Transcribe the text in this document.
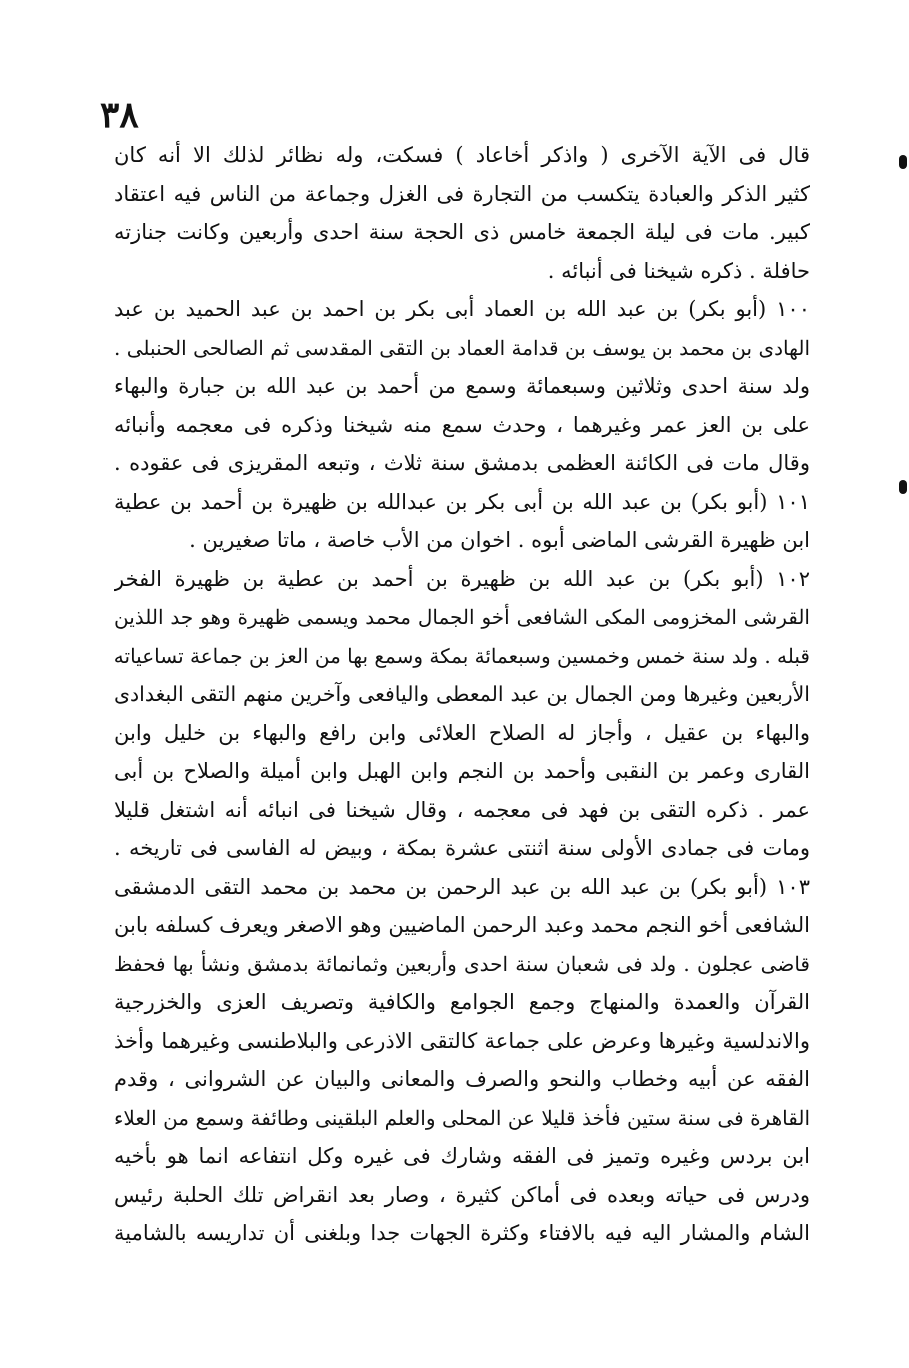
٣٨
قال فى الآية الآخرى ( واذكر أخاعاد ) فسكت، وله نظائر لذلك الا أنه كان
كثير الذكر والعبادة يتكسب من التجارة فى الغزل وجماعة من الناس فيه اعتقاد
كبير. مات فى ليلة الجمعة خامس ذى الحجة سنة احدى وأربعين وكانت جنازته
حافلة . ذكره شيخنا فى أنبائه .
١٠٠ (أبو بكر) بن عبد الله بن العماد أبى بكر بن احمد بن عبد الحميد بن عبد
الهادى بن محمد بن يوسف بن قدامة العماد بن التقى المقدسى ثم الصالحى الحنبلى .
ولد سنة احدى وثلاثين وسبعمائة وسمع من أحمد بن عبد الله بن جبارة والبهاء
على بن العز عمر وغيرهما ، وحدث سمع منه شيخنا وذكره فى معجمه وأنبائه
وقال مات فى الكائنة العظمى بدمشق سنة ثلاث ، وتبعه المقريزى فى عقوده .
١٠١ (أبو بكر) بن عبد الله بن أبى بكر بن عبدالله بن ظهيرة بن أحمد بن عطية
ابن ظهيرة القرشى الماضى أبوه . اخوان من الأب خاصة ، ماتا صغيرين .
١٠٢ (أبو بكر) بن عبد الله بن ظهيرة بن أحمد بن عطية بن ظهيرة الفخر
القرشى المخزومى المكى الشافعى أخو الجمال محمد ويسمى ظهيرة وهو جد اللذين
قبله . ولد سنة خمس وخمسين وسبعمائة بمكة وسمع بها من العز بن جماعة تساعياته
الأربعين وغيرها ومن الجمال بن عبد المعطى واليافعى وآخرين منهم التقى البغدادى
والبهاء بن عقيل ، وأجاز له الصلاح العلائى وابن رافع والبهاء بن خليل وابن
القارى وعمر بن النقبى وأحمد بن النجم وابن الهبل وابن أميلة والصلاح بن أبى
عمر . ذكره التقى بن فهد فى معجمه ، وقال شيخنا فى انبائه أنه اشتغل قليلا
ومات فى جمادى الأولى سنة اثنتى عشرة بمكة ، وبيض له الفاسى فى تاريخه .
١٠٣ (أبو بكر) بن عبد الله بن عبد الرحمن بن محمد بن محمد التقى الدمشقى
الشافعى أخو النجم محمد وعبد الرحمن الماضيين وهو الاصغر ويعرف كسلفه بابن
قاضى عجلون . ولد فى شعبان سنة احدى وأربعين وثمانمائة بدمشق ونشأ بها فحفظ
القرآن والعمدة والمنهاج وجمع الجوامع والكافية وتصريف العزى والخزرجية
والاندلسية وغيرها وعرض على جماعة كالتقى الاذرعى والبلاطنسى وغيرهما وأخذ
الفقه عن أبيه وخطاب والنحو والصرف والمعانى والبيان عن الشروانى ، وقدم
القاهرة فى سنة ستين فأخذ قليلا عن المحلى والعلم البلقينى وطائفة وسمع من العلاء
ابن بردس وغيره وتميز فى الفقه وشارك فى غيره وكل انتفاعه انما هو بأخيه
ودرس فى حياته وبعده فى أماكن كثيرة ، وصار بعد انقراض تلك الحلبة رئيس
الشام والمشار اليه فيه بالافتاء وكثرة الجهات جدا وبلغنى أن تداريسه بالشامية
